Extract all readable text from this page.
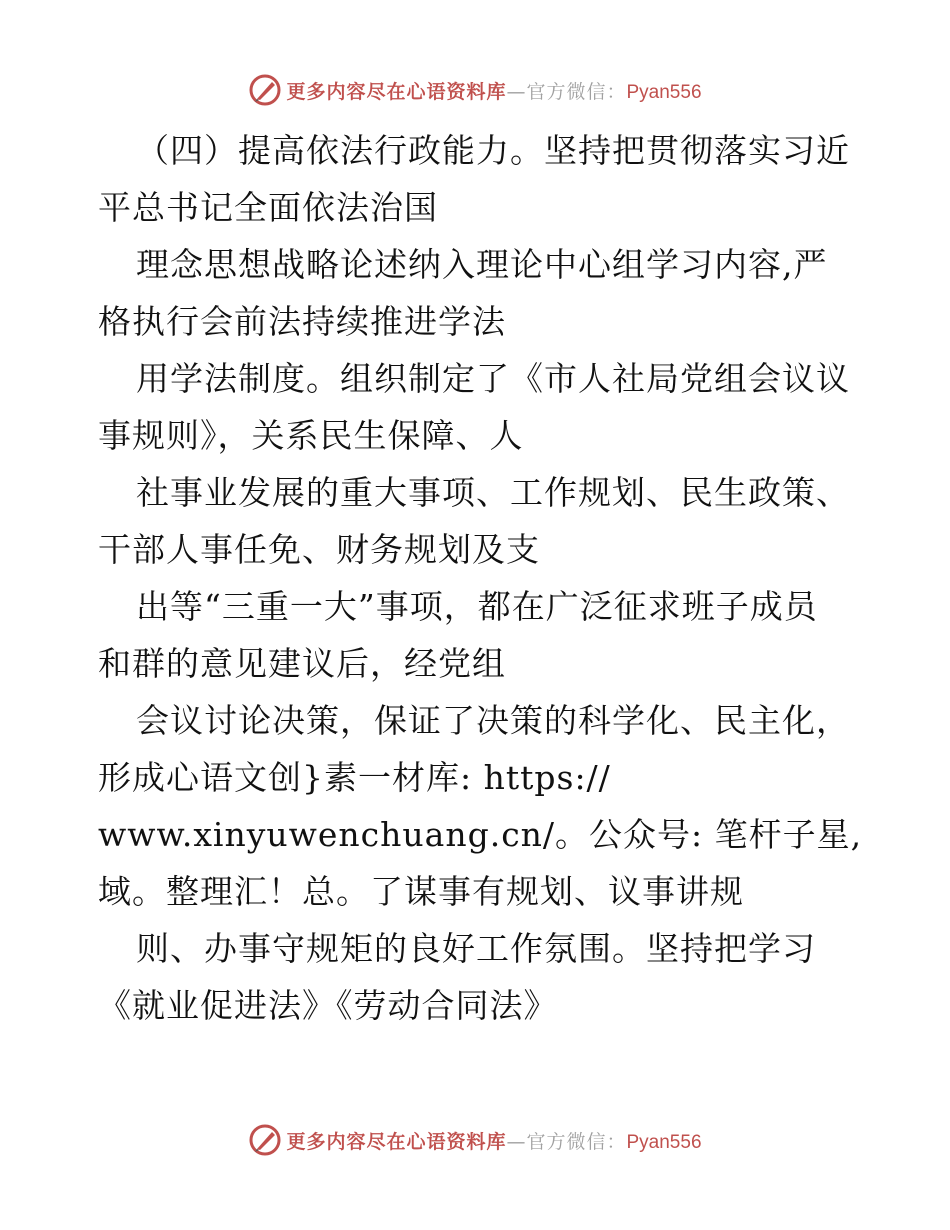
更多内容尽在心语资料库 —官方微信： Pyan556
（四）提高依法行政能力。坚持把贯彻落实习近
平总书记全面依法治国
理念思想战略论述纳入理论中心组学习内容,严
格执行会前法持续推进学法
用学法制度。组织制定了《市人社局党组会议议
事规则》，关系民生保障、人
社事业发展的重大事项、工作规划、民生政策、
干部人事任免、财务规划及支
出等“三重一大”事项，都在广泛征求班子成员
和群的意见建议后，经党组
会议讨论决策，保证了决策的科学化、民主化，
形成心语文创}素一材库: https://
www.xinyuwenchuang.cn/。公众号: 笔杆子星,
域。整理汇！总。了谋事有规划、议事讲规
则、办事守规矩的良好工作氛围。坚持把学习
《就业促进法》《劳动合同法》
更多内容尽在心语资料库 —官方微信： Pyan556
